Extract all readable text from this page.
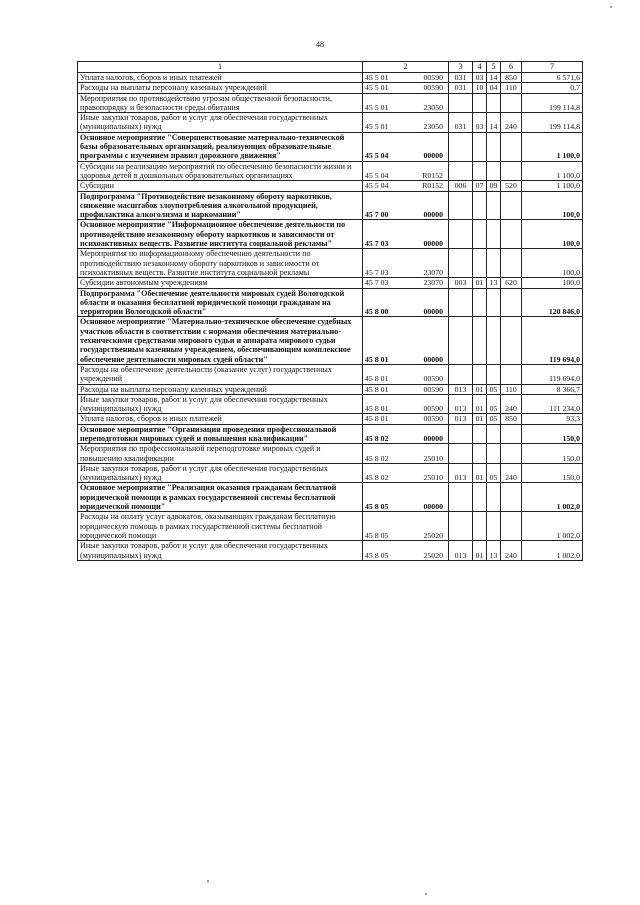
48
1	2	3	4	5	6	7
Уплата налогов, сборов и иных платежей	45 5 01 00590	031	03	14	850	6 571,6
Расходы на выплаты персоналу казенных учреждений	45 5 01 00590	031	10	04	110	0,7
Мероприятия по противодействию угрозам общественной безопасности, правопорядку и безопасности среды обитания	45 5 01 23050					199 114,8
Иные закупки товаров, работ и услуг для обеспечения государственных (муниципальных) нужд	45 5 01 23050	031	03	14	240	199 114,8
Основное мероприятие "Совершенствование материально-технической базы образовательных организаций, реализующих образовательные программы с изучением правил дорожного движения"	45 5 04 00000					1 100,0
Субсидии на реализацию мероприятий по обеспечению безопасности жизни и здоровья детей в дошкольных образовательных организациях	45 5 04 R0152					1 100,0
Субсидии	45 5 04 R0152	006	07	09	520	1 100,0
Подпрограмма "Противодействие незаконному обороту наркотиков, снижение масштабов злоупотребления алкогольной продукцией, профилактика алкоголизма и наркомании"	45 7 00 00000					100,0
Основное мероприятие "Информационное обеспечение деятельности по противодействию незаконному обороту наркотиков и зависимости от психоактивных веществ. Развитие института социальной рекламы"	45 7 03 00000					100,0
Мероприятия по информационному обеспечению деятельности по противодействию незаконному обороту наркотиков и зависимости от психоактивных веществ. Развитие института социальной рекламы	45 7 03 23070					100,0
Субсидии автономным учреждениям	45 7 03 23070	003	01	13	620	100,0
Подпрограмма "Обеспечение деятельности мировых судей Вологодской области и оказания бесплатной юридической помощи гражданам на территории Вологодской области"	45 8 00 00000					120 846,0
Основное мероприятие "Материально-техническое обеспечение судебных участков области в соответствии с нормами обеспечения материально-техническими средствами мирового судьи и аппарата мирового судьи государственным казенным учреждением, обеспечивающим комплексное обеспечение деятельности мировых судей области"	45 8 01 00000					119 694,0
Расходы на обеспечение деятельности (оказание услуг) государственных учреждений	45 8 01 00590					119 694,0
Расходы на выплаты персоналу казенных учреждений	45 8 01 00590	013	01	05	110	8 366,7
Иные закупки товаров, работ и услуг для обеспечения государственных (муниципальных) нужд	45 8 01 00590	013	01	05	240	111 234,0
Уплата налогов, сборов и иных платежей	45 8 01 00590	013	01	05	850	93,3
Основное мероприятие "Организация проведения профессиональной переподготовки мировых судей и повышения квалификации"	45 8 02 00000					150,0
Мероприятия по профессиональной переподготовке мировых судей и повышению квалификации	45 8 02 25010					150,0
Иные закупки товаров, работ и услуг для обеспечения государственных (муниципальных) нужд	45 8 02 25010	013	01	05	240	150,0
Основное мероприятие "Реализация оказания гражданам бесплатной юридической помощи в рамках государственной системы бесплатной юридической помощи"	45 8 05 00000					1 002,0
Расходы на оплату услуг адвокатов, оказывающих гражданам бесплатную юридическую помощь в рамках государственной системы бесплатной юридической помощи	45 8 05 25020					1 002,0
Иные закупки товаров, работ и услуг для обеспечения государственных (муниципальных) нужд	45 8 05 25020	013	01	13	240	1 002,0
